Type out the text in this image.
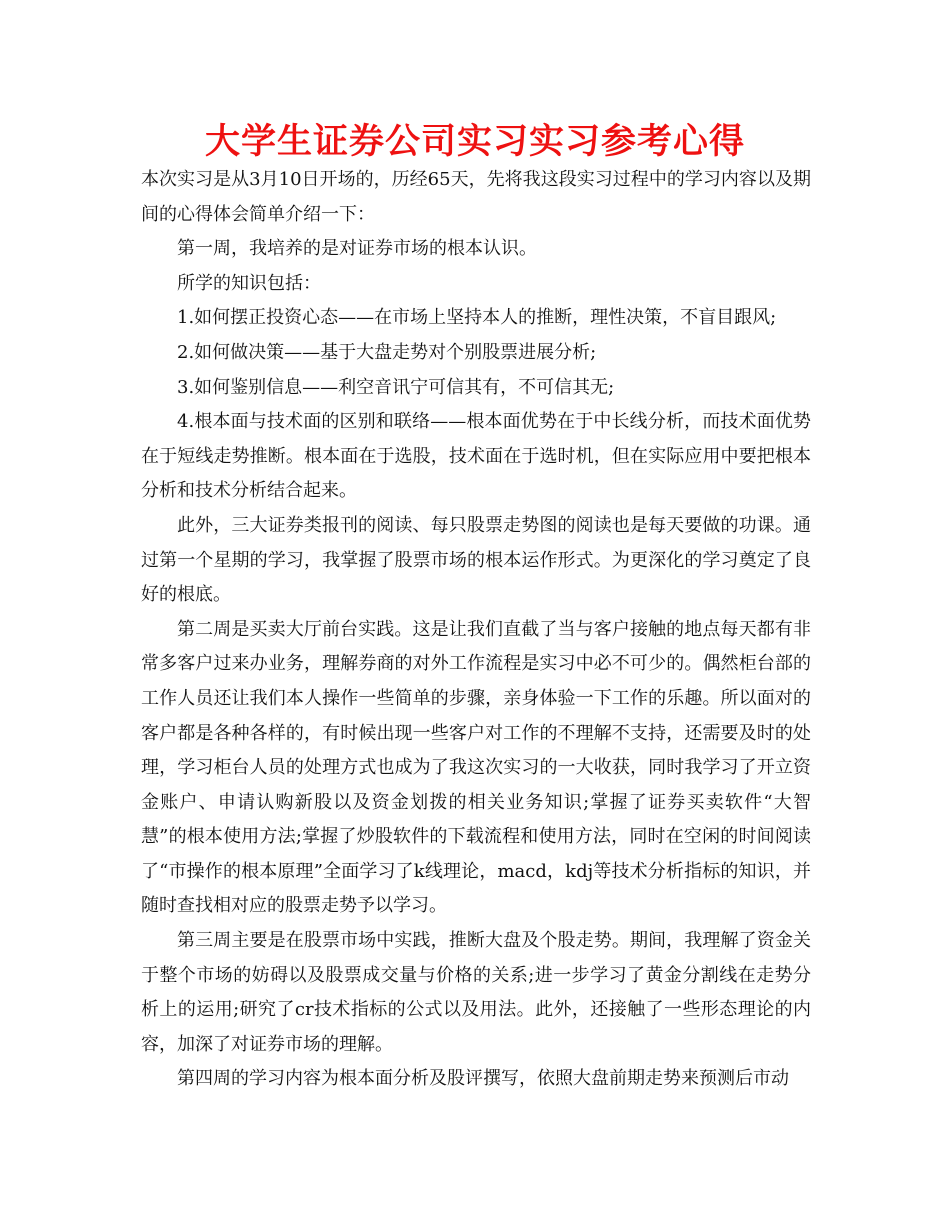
大学生证券公司实习实习参考心得

本次实习是从3月10日开场的，历经65天，先将我这段实习过程中的学习内容以及期间的心得体会简单介绍一下：

第一周，我培养的是对证券市场的根本认识。

所学的知识包括：

1.如何摆正投资心态——在市场上坚持本人的推断，理性决策，不盲目跟风;

2.如何做决策——基于大盘走势对个别股票进展分析;

3.如何鉴别信息——利空音讯宁可信其有，不可信其无;

4.根本面与技术面的区别和联络——根本面优势在于中长线分析，而技术面优势在于短线走势推断。根本面在于选股，技术面在于选时机，但在实际应用中要把根本分析和技术分析结合起来。

此外，三大证券类报刊的阅读、每只股票走势图的阅读也是每天要做的功课。通过第一个星期的学习，我掌握了股票市场的根本运作形式。为更深化的学习奠定了良好的根底。

第二周是买卖大厅前台实践。这是让我们直截了当与客户接触的地点每天都有非常多客户过来办业务，理解券商的对外工作流程是实习中必不可少的。偶然柜台部的工作人员还让我们本人操作一些简单的步骤，亲身体验一下工作的乐趣。所以面对的客户都是各种各样的，有时候出现一些客户对工作的不理解不支持，还需要及时的处理，学习柜台人员的处理方式也成为了我这次实习的一大收获，同时我学习了开立资金账户、申请认购新股以及资金划拨的相关业务知识;掌握了证券买卖软件“大智慧”的根本使用方法;掌握了炒股软件的下载流程和使用方法，同时在空闲的时间阅读了“市操作的根本原理”全面学习了k线理论，macd，kdj等技术分析指标的知识，并随时查找相对应的股票走势予以学习。

第三周主要是在股票市场中实践，推断大盘及个股走势。期间，我理解了资金关于整个市场的妨碍以及股票成交量与价格的关系;进一步学习了黄金分割线在走势分析上的运用;研究了cr技术指标的公式以及用法。此外，还接触了一些形态理论的内容，加深了对证券市场的理解。

第四周的学习内容为根本面分析及股评撰写，依照大盘前期走势来预测后市动
